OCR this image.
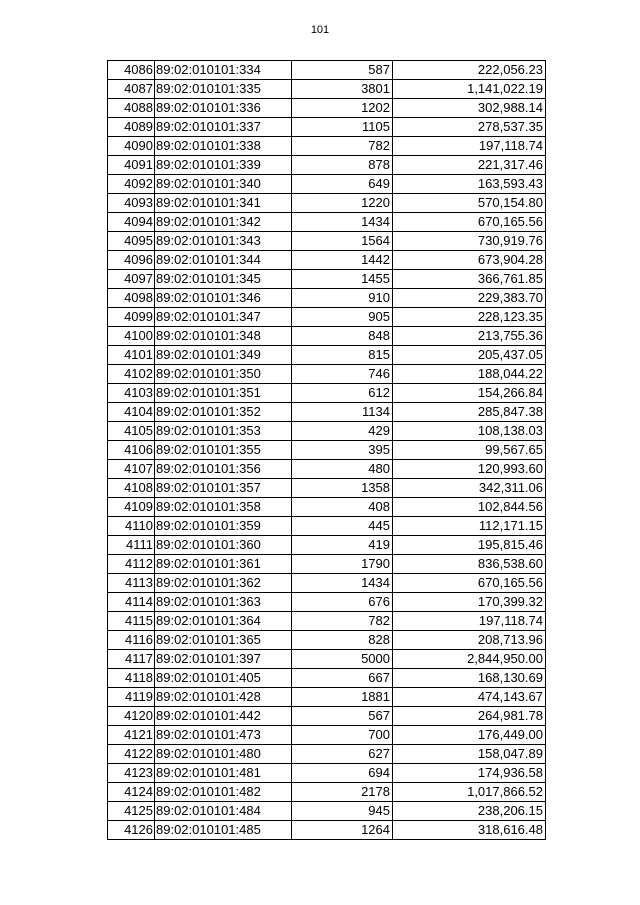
101
4086	89:02:010101:334	587	222,056.23
4087	89:02:010101:335	3801	1,141,022.19
4088	89:02:010101:336	1202	302,988.14
4089	89:02:010101:337	1105	278,537.35
4090	89:02:010101:338	782	197,118.74
4091	89:02:010101:339	878	221,317.46
4092	89:02:010101:340	649	163,593.43
4093	89:02:010101:341	1220	570,154.80
4094	89:02:010101:342	1434	670,165.56
4095	89:02:010101:343	1564	730,919.76
4096	89:02:010101:344	1442	673,904.28
4097	89:02:010101:345	1455	366,761.85
4098	89:02:010101:346	910	229,383.70
4099	89:02:010101:347	905	228,123.35
4100	89:02:010101:348	848	213,755.36
4101	89:02:010101:349	815	205,437.05
4102	89:02:010101:350	746	188,044.22
4103	89:02:010101:351	612	154,266.84
4104	89:02:010101:352	1134	285,847.38
4105	89:02:010101:353	429	108,138.03
4106	89:02:010101:355	395	99,567.65
4107	89:02:010101:356	480	120,993.60
4108	89:02:010101:357	1358	342,311.06
4109	89:02:010101:358	408	102,844.56
4110	89:02:010101:359	445	112,171.15
4111	89:02:010101:360	419	195,815.46
4112	89:02:010101:361	1790	836,538.60
4113	89:02:010101:362	1434	670,165.56
4114	89:02:010101:363	676	170,399.32
4115	89:02:010101:364	782	197,118.74
4116	89:02:010101:365	828	208,713.96
4117	89:02:010101:397	5000	2,844,950.00
4118	89:02:010101:405	667	168,130.69
4119	89:02:010101:428	1881	474,143.67
4120	89:02:010101:442	567	264,981.78
4121	89:02:010101:473	700	176,449.00
4122	89:02:010101:480	627	158,047.89
4123	89:02:010101:481	694	174,936.58
4124	89:02:010101:482	2178	1,017,866.52
4125	89:02:010101:484	945	238,206.15
4126	89:02:010101:485	1264	318,616.48
